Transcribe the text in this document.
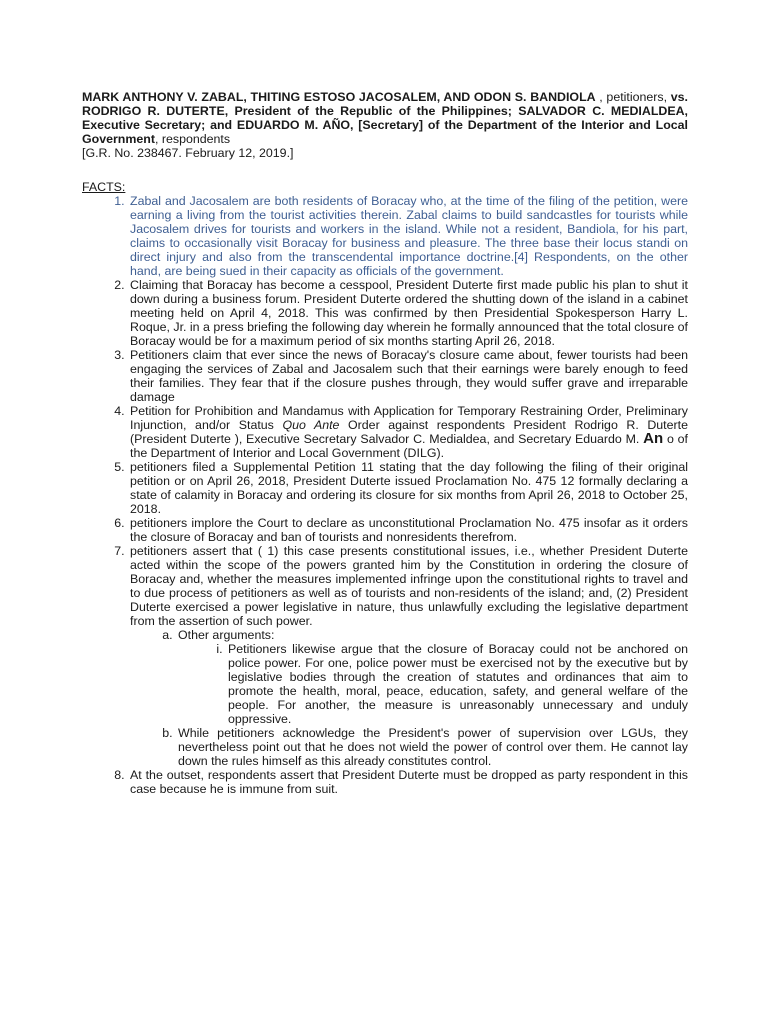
MARK ANTHONY V. ZABAL, THITING ESTOSO JACOSALEM, AND ODON S. BANDIOLA , petitioners, vs. RODRIGO R. DUTERTE, President of the Republic of the Philippines; SALVADOR C. MEDIALDEA, Executive Secretary; and EDUARDO M. AÑO, [Secretary] of the Department of the Interior and Local Government, respondents

[G.R. No. 238467. February 12, 2019.]

FACTS:
1. Zabal and Jacosalem are both residents of Boracay who, at the time of the filing of the petition, were earning a living from the tourist activities therein. Zabal claims to build sandcastles for tourists while Jacosalem drives for tourists and workers in the island. While not a resident, Bandiola, for his part, claims to occasionally visit Boracay for business and pleasure. The three base their locus standi on direct injury and also from the transcendental importance doctrine.[4] Respondents, on the other hand, are being sued in their capacity as officials of the government.
2. Claiming that Boracay has become a cesspool, President Duterte first made public his plan to shut it down during a business forum. President Duterte ordered the shutting down of the island in a cabinet meeting held on April 4, 2018. This was confirmed by then Presidential Spokesperson Harry L. Roque, Jr. in a press briefing the following day wherein he formally announced that the total closure of Boracay would be for a maximum period of six months starting April 26, 2018.
3. Petitioners claim that ever since the news of Boracay's closure came about, fewer tourists had been engaging the services of Zabal and Jacosalem such that their earnings were barely enough to feed their families. They fear that if the closure pushes through, they would suffer grave and irreparable damage
4. Petition for Prohibition and Mandamus with Application for Temporary Restraining Order, Preliminary Injunction, and/or Status Quo Ante Order against respondents President Rodrigo R. Duterte (President Duterte ), Executive Secretary Salvador C. Medialdea, and Secretary Eduardo M. An o of the Department of Interior and Local Government (DILG).
5. petitioners filed a Supplemental Petition 11 stating that the day following the filing of their original petition or on April 26, 2018, President Duterte issued Proclamation No. 475 12 formally declaring a state of calamity in Boracay and ordering its closure for six months from April 26, 2018 to October 25, 2018.
6. petitioners implore the Court to declare as unconstitutional Proclamation No. 475 insofar as it orders the closure of Boracay and ban of tourists and nonresidents therefrom.
7. petitioners assert that ( 1) this case presents constitutional issues, i.e., whether President Duterte acted within the scope of the powers granted him by the Constitution in ordering the closure of Boracay and, whether the measures implemented infringe upon the constitutional rights to travel and to due process of petitioners as well as of tourists and non-residents of the island; and, (2) President Duterte exercised a power legislative in nature, thus unlawfully excluding the legislative department from the assertion of such power.
a. Other arguments:
i. Petitioners likewise argue that the closure of Boracay could not be anchored on police power. For one, police power must be exercised not by the executive but by legislative bodies through the creation of statutes and ordinances that aim to promote the health, moral, peace, education, safety, and general welfare of the people. For another, the measure is unreasonably unnecessary and unduly oppressive.
b. While petitioners acknowledge the President's power of supervision over LGUs, they nevertheless point out that he does not wield the power of control over them. He cannot lay down the rules himself as this already constitutes control.
8. At the outset, respondents assert that President Duterte must be dropped as party respondent in this case because he is immune from suit.
